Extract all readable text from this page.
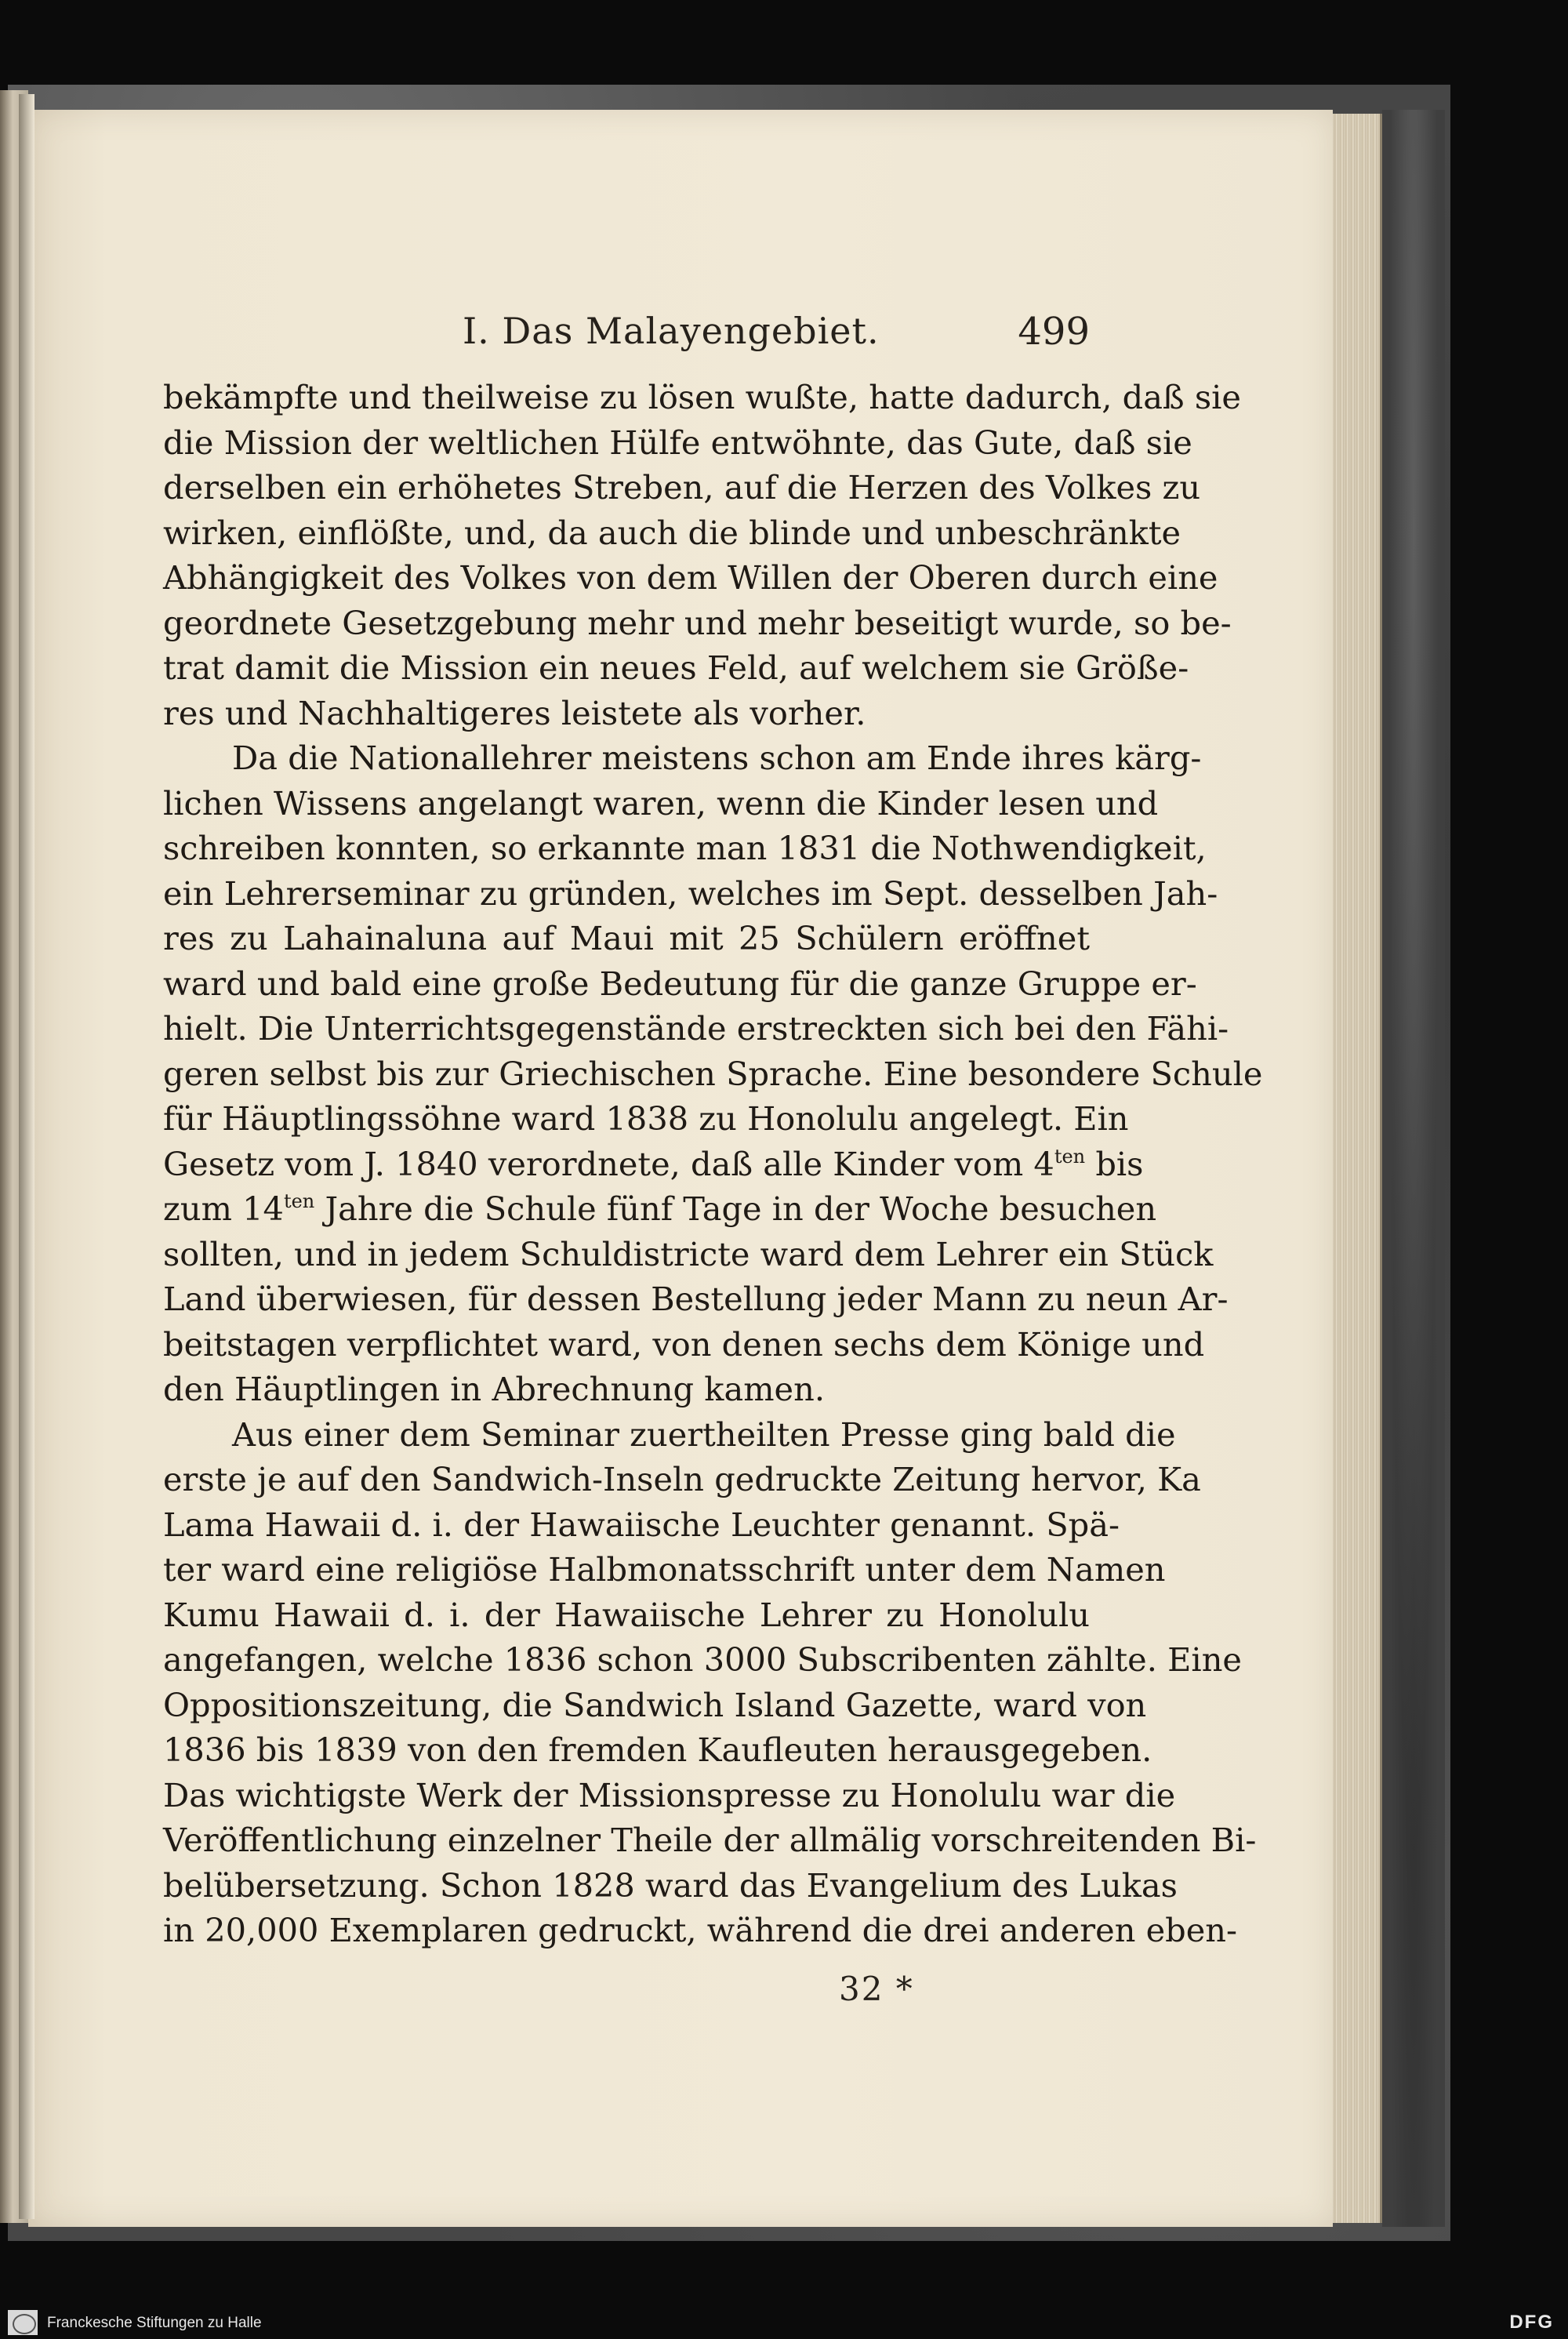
I. Das Malayengebiet.	499
bekämpfte und theilweise zu lösen wußte, hatte dadurch, daß sie
die Mission der weltlichen Hülfe entwöhnte, das Gute, daß sie
derselben ein erhöhetes Streben, auf die Herzen des Volkes zu
wirken, einflößte, und, da auch die blinde und unbeschränkte
Abhängigkeit des Volkes von dem Willen der Oberen durch eine
geordnete Gesetzgebung mehr und mehr beseitigt wurde, so be-
trat damit die Mission ein neues Feld, auf welchem sie Größe-
res und Nachhaltigeres leistete als vorher.
Da die Nationallehrer meistens schon am Ende ihres kärg-
lichen Wissens angelangt waren, wenn die Kinder lesen und
schreiben konnten, so erkannte man 1831 die Nothwendigkeit,
ein Lehrerseminar zu gründen, welches im Sept. desselben Jah-
res zu Lahainaluna auf Maui mit 25 Schülern eröffnet
ward und bald eine große Bedeutung für die ganze Gruppe er-
hielt. Die Unterrichtsgegenstände erstreckten sich bei den Fähi-
geren selbst bis zur Griechischen Sprache. Eine besondere Schule
für Häuptlingssöhne ward 1838 zu Honolulu angelegt. Ein
Gesetz vom J. 1840 verordnete, daß alle Kinder vom $4^{ten}$ bis
zum $14^{ten}$ Jahre die Schule fünf Tage in der Woche besuchen
sollten, und in jedem Schuldistricte ward dem Lehrer ein Stück
Land überwiesen, für dessen Bestellung jeder Mann zu neun Ar-
beitstagen verpflichtet ward, von denen sechs dem Könige und
den Häuptlingen in Abrechnung kamen.
Aus einer dem Seminar zuertheilten Presse ging bald die
erste je auf den Sandwich-Inseln gedruckte Zeitung hervor, Ka
Lama Hawaii d. i. der Hawaiische Leuchter genannt. Spä-
ter ward eine religiöse Halbmonatsschrift unter dem Namen
Kumu Hawaii d. i. der Hawaiische Lehrer zu Honolulu
angefangen, welche 1836 schon 3000 Subscribenten zählte. Eine
Oppositionszeitung, die Sandwich Island Gazette, ward von
1836 bis 1839 von den fremden Kaufleuten herausgegeben.
Das wichtigste Werk der Missionspresse zu Honolulu war die
Veröffentlichung einzelner Theile der allmälig vorschreitenden Bi-
belübersetzung. Schon 1828 ward das Evangelium des Lukas
in 20,000 Exemplaren gedruckt, während die drei anderen eben-
32 *
Franckesche Stiftungen zu Halle	DFG
